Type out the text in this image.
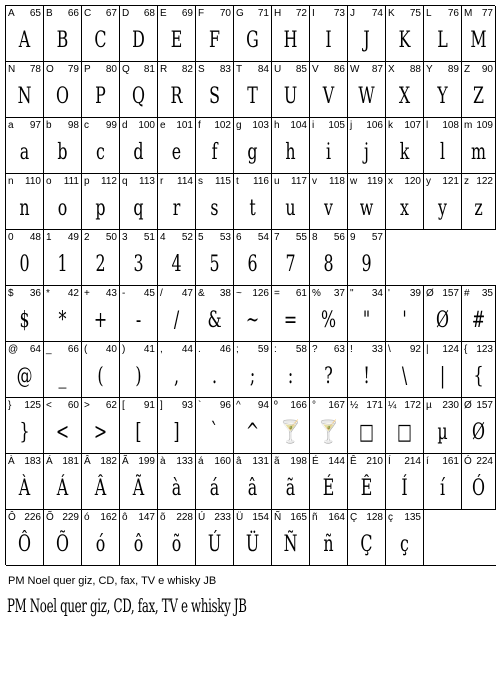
A 65
A
B 66
B
C 67
C
D 68
D
E 69
E
F 70
F
G 71
G
H 72
H
I 73
I
J 74
J
K 75
K
L 76
L
M 77
M
N 78
N
O 79
O
P 80
P
Q 81
Q
R 82
R
S 83
S
T 84
T
U 85
U
V 86
V
W 87
W
X 88
X
Y 89
Y
Z 90
Z
a 97
a
b 98
b
c 99
c
d 100
d
e 101
e
f 102
f
g 103
g
h 104
h
i 105
i
j 106
j
k 107
k
l 108
l
m 109
m
n 110
n
o 111
o
p 112
p
q 113
q
r 114
r
s 115
s
t 116
t
u 117
u
v 118
v
w 119
w
x 120
x
y 121
y
z 122
z
0 48
0
1 49
1
2 50
2
3 51
3
4 52
4
5 53
5
6 54
6
7 55
7
8 56
8
9 57
9
$ 36
$
* 42
*
+ 43
+
- 45
-
/ 47
/
& 38
&
~ 126
~
= 61
=
% 37
%
" 34
"
' 39
'
Ø 157
Ø
# 35
#
@ 64
@
_ 66
_
( 40
(
) 41
)
, 44
,
. 46
.
; 59
;
: 58
:
? 63
?
! 33
!
\ 92
\
| 124
|
{ 123
{
} 125
}
< 60
<
> 62
>
[ 91
[
] 93
]
` 96
`
^ 94
^
º 166
🍸
° 167
🍸
½ 171
□
¼ 172
□
µ 230
µ
Ø 157
Ø
À 183
À
Á 181
Á
Â 182
Â
Ã 199
Ã
à 133
à
á 160
á
â 131
â
ã 198
ã
É 144
É
Ê 210
Ê
Í 214
Í
í 161
í
Ó 224
Ó
Ô 226
Ô
Õ 229
Õ
ó 162
ó
ô 147
ô
õ 228
õ
Ú 233
Ú
Ü 154
Ü
Ñ 165
Ñ
ñ 164
ñ
Ç 128
Ç
ç 135
ç
PM Noel quer giz, CD, fax, TV e whisky JB
PM Noel quer giz, CD, fax, TV e whisky JB
